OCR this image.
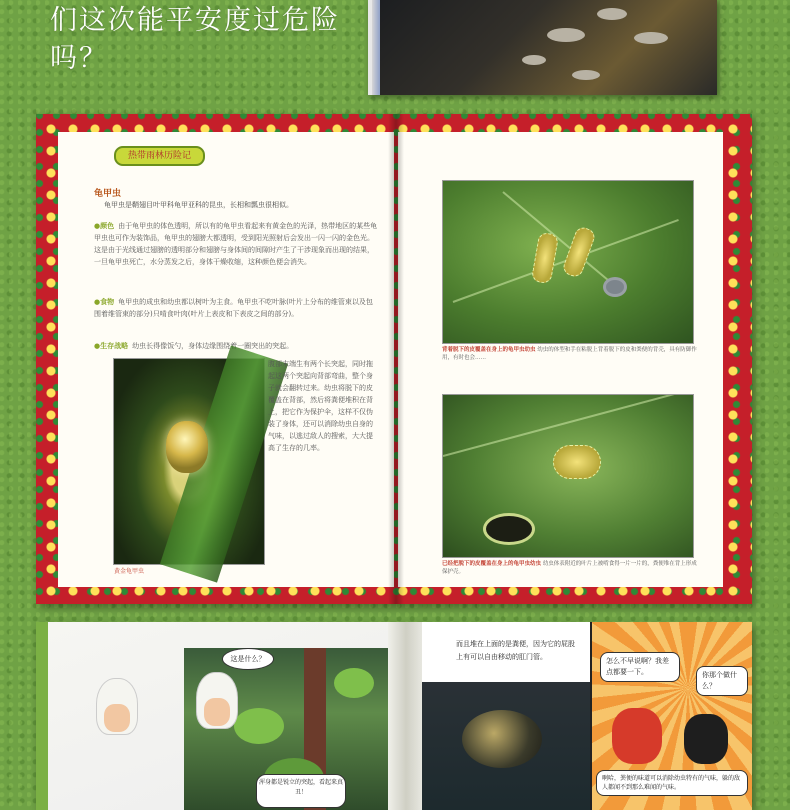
们这次能平安度过危险
吗？
热带雨林历险记
龟甲虫
龟甲虫是鞘翅目叶甲科龟甲亚科的昆虫，长相和瓢虫很相似。
●颜色 由于龟甲虫的体色透明，所以有的龟甲虫看起来有黄金色的光泽，热带地区的某些龟甲虫也可作为装饰品，龟甲虫的翅膀大都透明，受到阳光照射后会发出一闪一闪的金色光。这是由于光线通过翅膀的透明部分和翅膀与身体间的间隙时产生了干涉现象而出现的结果，一旦龟甲虫死亡，水分蒸发之后，身体干燥收缩，这种颜色便会消失。
●食物 龟甲虫的成虫和幼虫都以树叶为主食。龟甲虫不吃叶脉(叶片上分布的维管束以及包围着维管束的部分)只啃食叶肉(叶片上表皮和下表皮之间的部分)。
●生存战略 幼虫长得像饭勺，身体边缘围绕着一圈突出的突起。
黄金龟甲虫
腹部末端生有两个长突起，同时拖起这两个突起向背部弯曲，整个身子就会翻转过来。幼虫将脱下的皮覆盖在背部，然后将粪便堆积在背上，把它作为保护伞，这样不仅伪装了身体，还可以消除幼虫自身的气味，以逃过敌人的搜索，大大提高了生存的几率。
背着脱下的皮覆盖在身上的龟甲虫幼虫 幼虫的体型和手在粘脱上背着脱下的皮和粪便的背壳，具有防御作用，有时也会……
已经把脱下的皮覆盖在身上的龟甲虫幼虫 幼虫体表附近的叶片上被啃食得一片一片的，粪便堆在背上形成保护壳。
这是什么？
浑身都是锐立的突起，看起来真丑！
而且堆在上面的是粪便，因为它的屁股上有可以自由移动的肛门管。	怎么不早说啊？我差点都要一下。	你那个做什么？
啊哈，粪便的味道可以消除幼虫特有的气味，躲的敌人都闻不到那么难闻的气味。
